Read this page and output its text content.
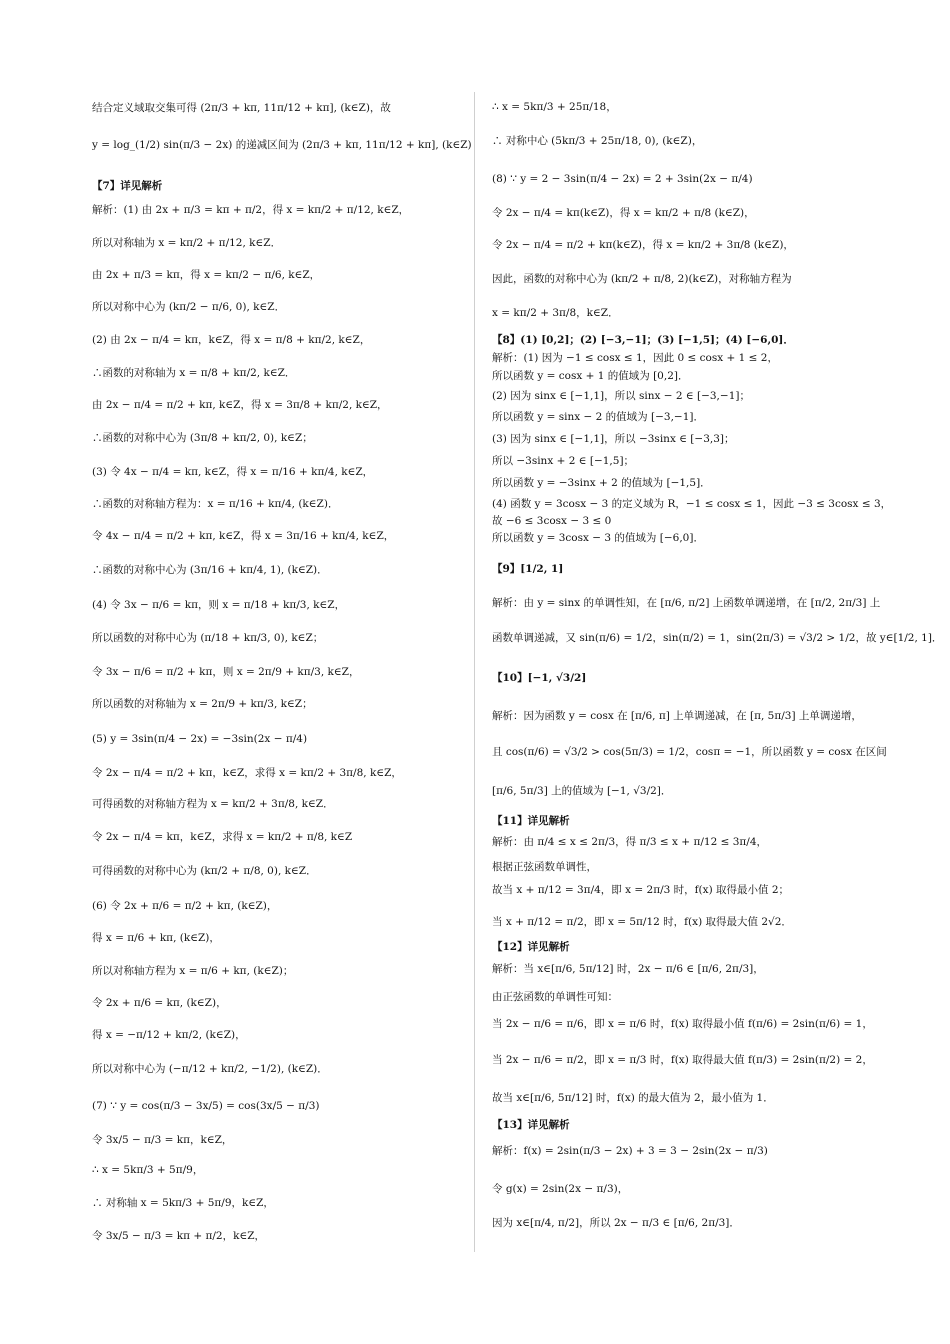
结合定义域取交集可得 (2π/3 + kπ, 11π/12 + kπ], (k∈Z)，故
y = log_(1/2) sin(π/3 − 2x) 的递减区间为 (2π/3 + kπ, 11π/12 + kπ], (k∈Z)
【7】详见解析
解析：(1) 由 2x + π/3 = kπ + π/2，得 x = kπ/2 + π/12, k∈Z，
所以对称轴为 x = kπ/2 + π/12, k∈Z．
由 2x + π/3 = kπ，得 x = kπ/2 − π/6, k∈Z，
所以对称中心为 (kπ/2 − π/6, 0), k∈Z．
(2) 由 2x − π/4 = kπ，k∈Z，得 x = π/8 + kπ/2, k∈Z，
∴函数的对称轴为 x = π/8 + kπ/2, k∈Z．
由 2x − π/4 = π/2 + kπ, k∈Z，得 x = 3π/8 + kπ/2, k∈Z，
∴函数的对称中心为 (3π/8 + kπ/2, 0), k∈Z；
(3) 令 4x − π/4 = kπ, k∈Z，得 x = π/16 + kπ/4, k∈Z，
∴函数的对称轴方程为：x = π/16 + kπ/4, (k∈Z)．
令 4x − π/4 = π/2 + kπ, k∈Z，得 x = 3π/16 + kπ/4, k∈Z，
∴函数的对称中心为 (3π/16 + kπ/4, 1), (k∈Z)．
(4) 令 3x − π/6 = kπ，则 x = π/18 + kπ/3, k∈Z，
所以函数的对称中心为 (π/18 + kπ/3, 0), k∈Z；
令 3x − π/6 = π/2 + kπ，则 x = 2π/9 + kπ/3, k∈Z，
所以函数的对称轴为 x = 2π/9 + kπ/3, k∈Z；
(5) y = 3sin(π/4 − 2x) = −3sin(2x − π/4)
令 2x − π/4 = π/2 + kπ，k∈Z，求得 x = kπ/2 + 3π/8, k∈Z，
可得函数的对称轴方程为 x = kπ/2 + 3π/8, k∈Z．
令 2x − π/4 = kπ，k∈Z，求得 x = kπ/2 + π/8, k∈Z
可得函数的对称中心为 (kπ/2 + π/8, 0), k∈Z．
(6) 令 2x + π/6 = π/2 + kπ, (k∈Z)，
得 x = π/6 + kπ, (k∈Z)，
所以对称轴方程为 x = π/6 + kπ, (k∈Z)；
令 2x + π/6 = kπ, (k∈Z)，
得 x = −π/12 + kπ/2, (k∈Z)，
所以对称中心为 (−π/12 + kπ/2, −1/2), (k∈Z)．
(7) ∵ y = cos(π/3 − 3x/5) = cos(3x/5 − π/3)
令 3x/5 − π/3 = kπ，k∈Z，
∴ x = 5kπ/3 + 5π/9，
∴ 对称轴 x = 5kπ/3 + 5π/9，k∈Z，
令 3x/5 − π/3 = kπ + π/2，k∈Z，
∴ x = 5kπ/3 + 25π/18，
∴ 对称中心 (5kπ/3 + 25π/18, 0), (k∈Z)，
(8) ∵ y = 2 − 3sin(π/4 − 2x) = 2 + 3sin(2x − π/4)
令 2x − π/4 = kπ(k∈Z)，得 x = kπ/2 + π/8 (k∈Z)，
令 2x − π/4 = π/2 + kπ(k∈Z)，得 x = kπ/2 + 3π/8 (k∈Z)，
因此，函数的对称中心为 (kπ/2 + π/8, 2)(k∈Z)，对称轴方程为
x = kπ/2 + 3π/8，k∈Z．
【8】(1) [0,2]；(2) [−3,−1]；(3) [−1,5]；(4) [−6,0]．
解析：(1) 因为 −1 ≤ cosx ≤ 1，因此 0 ≤ cosx + 1 ≤ 2，
所以函数 y = cosx + 1 的值域为 [0,2]．
(2) 因为 sinx ∈ [−1,1]，所以 sinx − 2 ∈ [−3,−1]；
所以函数 y = sinx − 2 的值域为 [−3,−1]．
(3) 因为 sinx ∈ [−1,1]，所以 −3sinx ∈ [−3,3]；
所以 −3sinx + 2 ∈ [−1,5]；
所以函数 y = −3sinx + 2 的值域为 [−1,5]．
(4) 函数 y = 3cosx − 3 的定义域为 R，−1 ≤ cosx ≤ 1，因此 −3 ≤ 3cosx ≤ 3，
故 −6 ≤ 3cosx − 3 ≤ 0
所以函数 y = 3cosx − 3 的值域为 [−6,0]．
【9】[1/2, 1]
解析：由 y = sinx 的单调性知，在 [π/6, π/2] 上函数单调递增，在 [π/2, 2π/3] 上
函数单调递减，又 sin(π/6) = 1/2，sin(π/2) = 1，sin(2π/3) = √3/2 > 1/2，故 y∈[1/2, 1]．
【10】[−1, √3/2]
解析：因为函数 y = cosx 在 [π/6, π] 上单调递减，在 [π, 5π/3] 上单调递增，
且 cos(π/6) = √3/2 > cos(5π/3) = 1/2，cosπ = −1，所以函数 y = cosx 在区间
[π/6, 5π/3] 上的值域为 [−1, √3/2]．
【11】详见解析
解析：由 π/4 ≤ x ≤ 2π/3，得 π/3 ≤ x + π/12 ≤ 3π/4，
根据正弦函数单调性，
故当 x + π/12 = 3π/4，即 x = 2π/3 时，f(x) 取得最小值 2；
当 x + π/12 = π/2，即 x = 5π/12 时，f(x) 取得最大值 2√2．
【12】详见解析
解析：当 x∈[π/6, 5π/12] 时，2x − π/6 ∈ [π/6, 2π/3]，
由正弦函数的单调性可知：
当 2x − π/6 = π/6，即 x = π/6 时，f(x) 取得最小值 f(π/6) = 2sin(π/6) = 1，
当 2x − π/6 = π/2，即 x = π/3 时，f(x) 取得最大值 f(π/3) = 2sin(π/2) = 2，
故当 x∈[π/6, 5π/12] 时，f(x) 的最大值为 2，最小值为 1．
【13】详见解析
解析：f(x) = 2sin(π/3 − 2x) + 3 = 3 − 2sin(2x − π/3)
令 g(x) = 2sin(2x − π/3)，
因为 x∈[π/4, π/2]，所以 2x − π/3 ∈ [π/6, 2π/3]．
